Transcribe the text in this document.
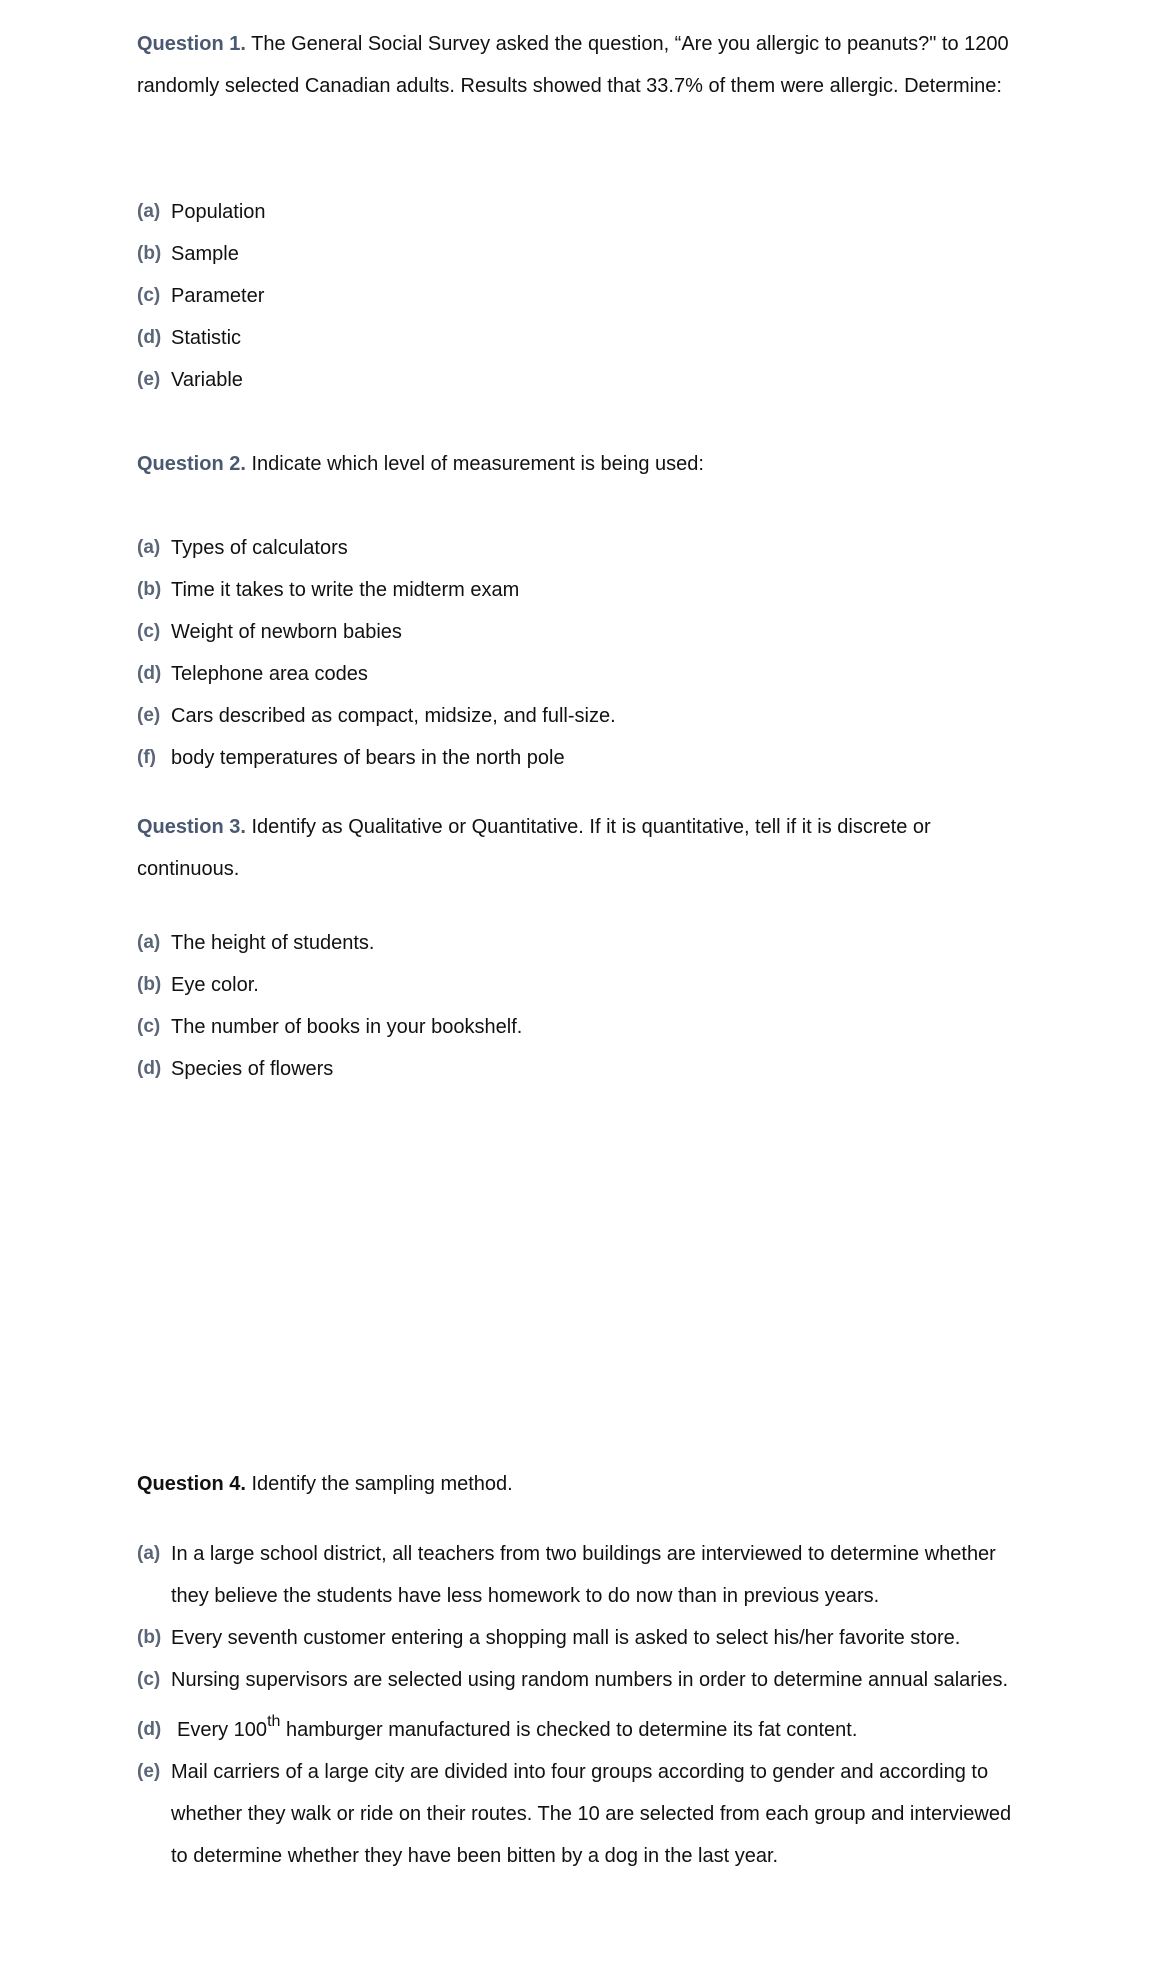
Question 1. The General Social Survey asked the question, “Are you allergic to peanuts?" to 1200 randomly selected Canadian adults. Results showed that 33.7% of them were allergic. Determine:

(a) Population
(b) Sample
(c) Parameter
(d) Statistic
(e) Variable

Question 2. Indicate which level of measurement is being used:

(a) Types of calculators
(b) Time it takes to write the midterm exam
(c) Weight of newborn babies
(d) Telephone area codes
(e) Cars described as compact, midsize, and full-size.
(f) body temperatures of bears in the north pole

Question 3. Identify as Qualitative or Quantitative. If it is quantitative, tell if it is discrete or continuous.

(a) The height of students.
(b) Eye color.
(c) The number of books in your bookshelf.
(d) Species of flowers

Question 4. Identify the sampling method.

(a) In a large school district, all teachers from two buildings are interviewed to determine whether they believe the students have less homework to do now than in previous years.
(b) Every seventh customer entering a shopping mall is asked to select his/her favorite store.
(c) Nursing supervisors are selected using random numbers in order to determine annual salaries.
(d) Every 100th hamburger manufactured is checked to determine its fat content.
(e) Mail carriers of a large city are divided into four groups according to gender and according to whether they walk or ride on their routes. The 10 are selected from each group and interviewed to determine whether they have been bitten by a dog in the last year.
